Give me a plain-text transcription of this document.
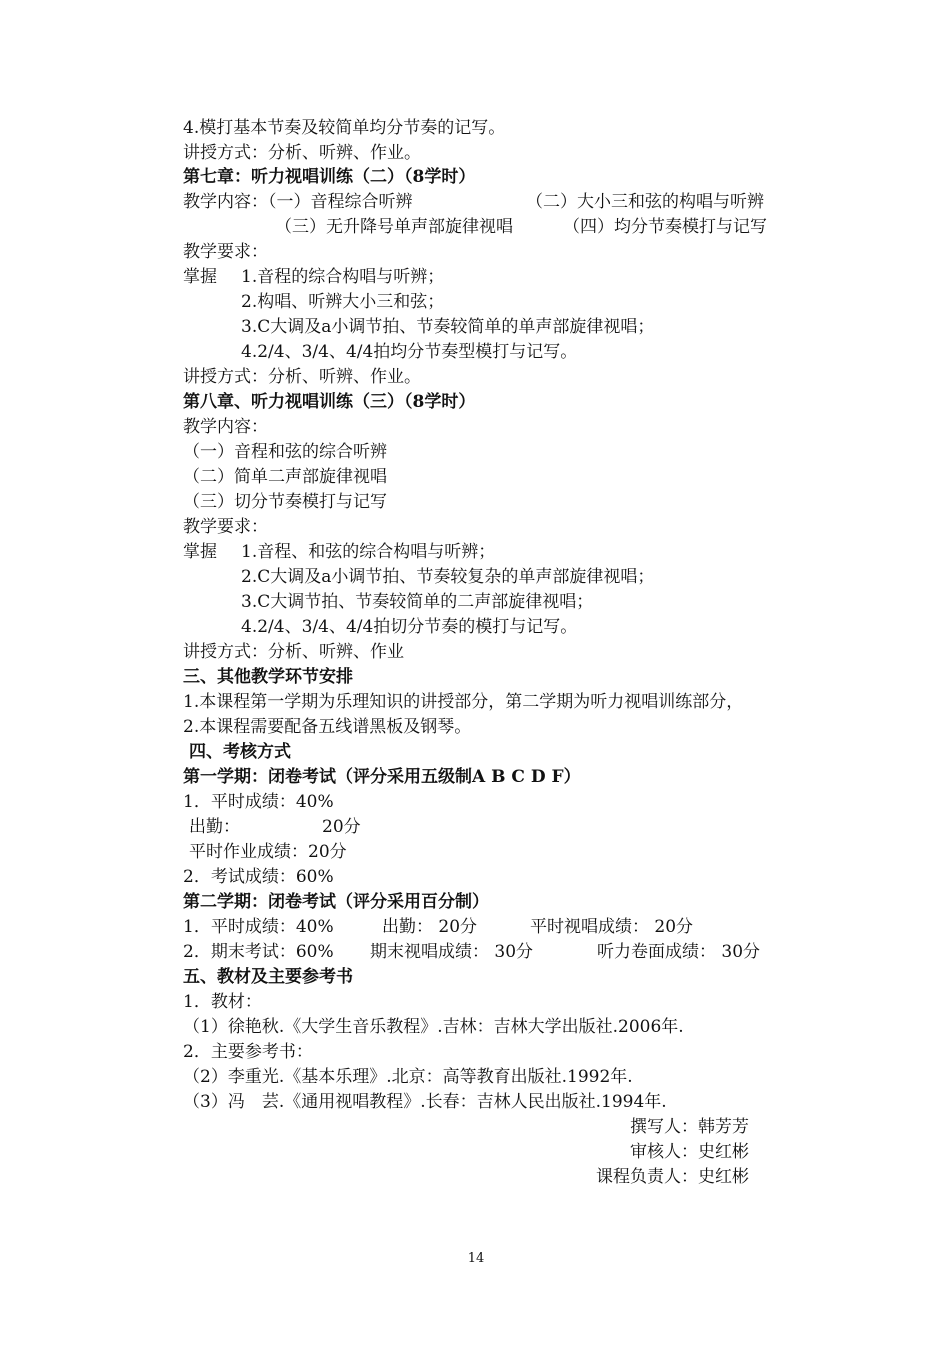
4.模打基本节奏及较简单均分节奏的记写。
讲授方式：分析、听辨、作业。
第七章：听力视唱训练（二）（8学时）
教学内容：（一）音程综合听辨	（二）大小三和弦的构唱与听辨
（三）无升降号单声部旋律视唱	（四）均分节奏模打与记写
教学要求：
掌握 1.音程的综合构唱与听辨；
2.构唱、听辨大小三和弦；
3.C大调及a小调节拍、节奏较简单的单声部旋律视唱；
4.2/4、3/4、4/4拍均分节奏型模打与记写。
讲授方式：分析、听辨、作业。
第八章、听力视唱训练（三）（8学时）
教学内容：
（一）音程和弦的综合听辨
（二）简单二声部旋律视唱
（三）切分节奏模打与记写
教学要求：
掌握 1.音程、和弦的综合构唱与听辨；
2.C大调及a小调节拍、节奏较复杂的单声部旋律视唱；
3.C大调节拍、节奏较简单的二声部旋律视唱；
4.2/4、3/4、4/4拍切分节奏的模打与记写。
讲授方式：分析、听辨、作业
三、其他教学环节安排
1.本课程第一学期为乐理知识的讲授部分，第二学期为听力视唱训练部分，
2.本课程需要配备五线谱黑板及钢琴。
四、考核方式
第一学期：闭卷考试（评分采用五级制A B C D F）
1．平时成绩：40%
出勤：	20分
平时作业成绩：20分
2．考试成绩：60%
第二学期：闭卷考试（评分采用百分制）
1．平时成绩：40%	出勤： 20分	平时视唱成绩： 20分
2．期末考试：60% 期末视唱成绩： 30分	听力卷面成绩： 30分
五、教材及主要参考书
1．教材：
（1）徐艳秋.《大学生音乐教程》.吉林：吉林大学出版社.2006年.
2．主要参考书：
（2）李重光.《基本乐理》.北京：高等教育出版社.1992年.
（3）冯　芸.《通用视唱教程》.长春：吉林人民出版社.1994年.
撰写人：韩芳芳
审核人：史红彬
课程负责人：史红彬
14
